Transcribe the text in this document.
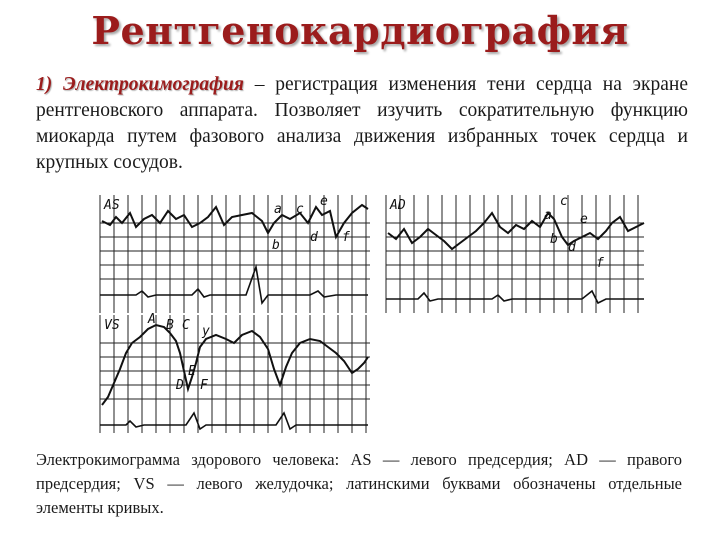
Рентгенокардиография
1) Электрокимография – регистрация изменения тени сердца на экране рентгеновского аппарата. Позволяет изучить сократительную функцию миокарда путем фазового анализа движения избранных точек сердца и крупных сосудов.
AS	a c
e
b
d f
AD
a
c
e
b
d
f
VS A B C y
D
E
F
Электрокимограмма здорового человека: AS — левого предсердия; AD — правого предсердия; VS — левого желудочка; латинскими буквами обозначены отдельные элементы кривых.
